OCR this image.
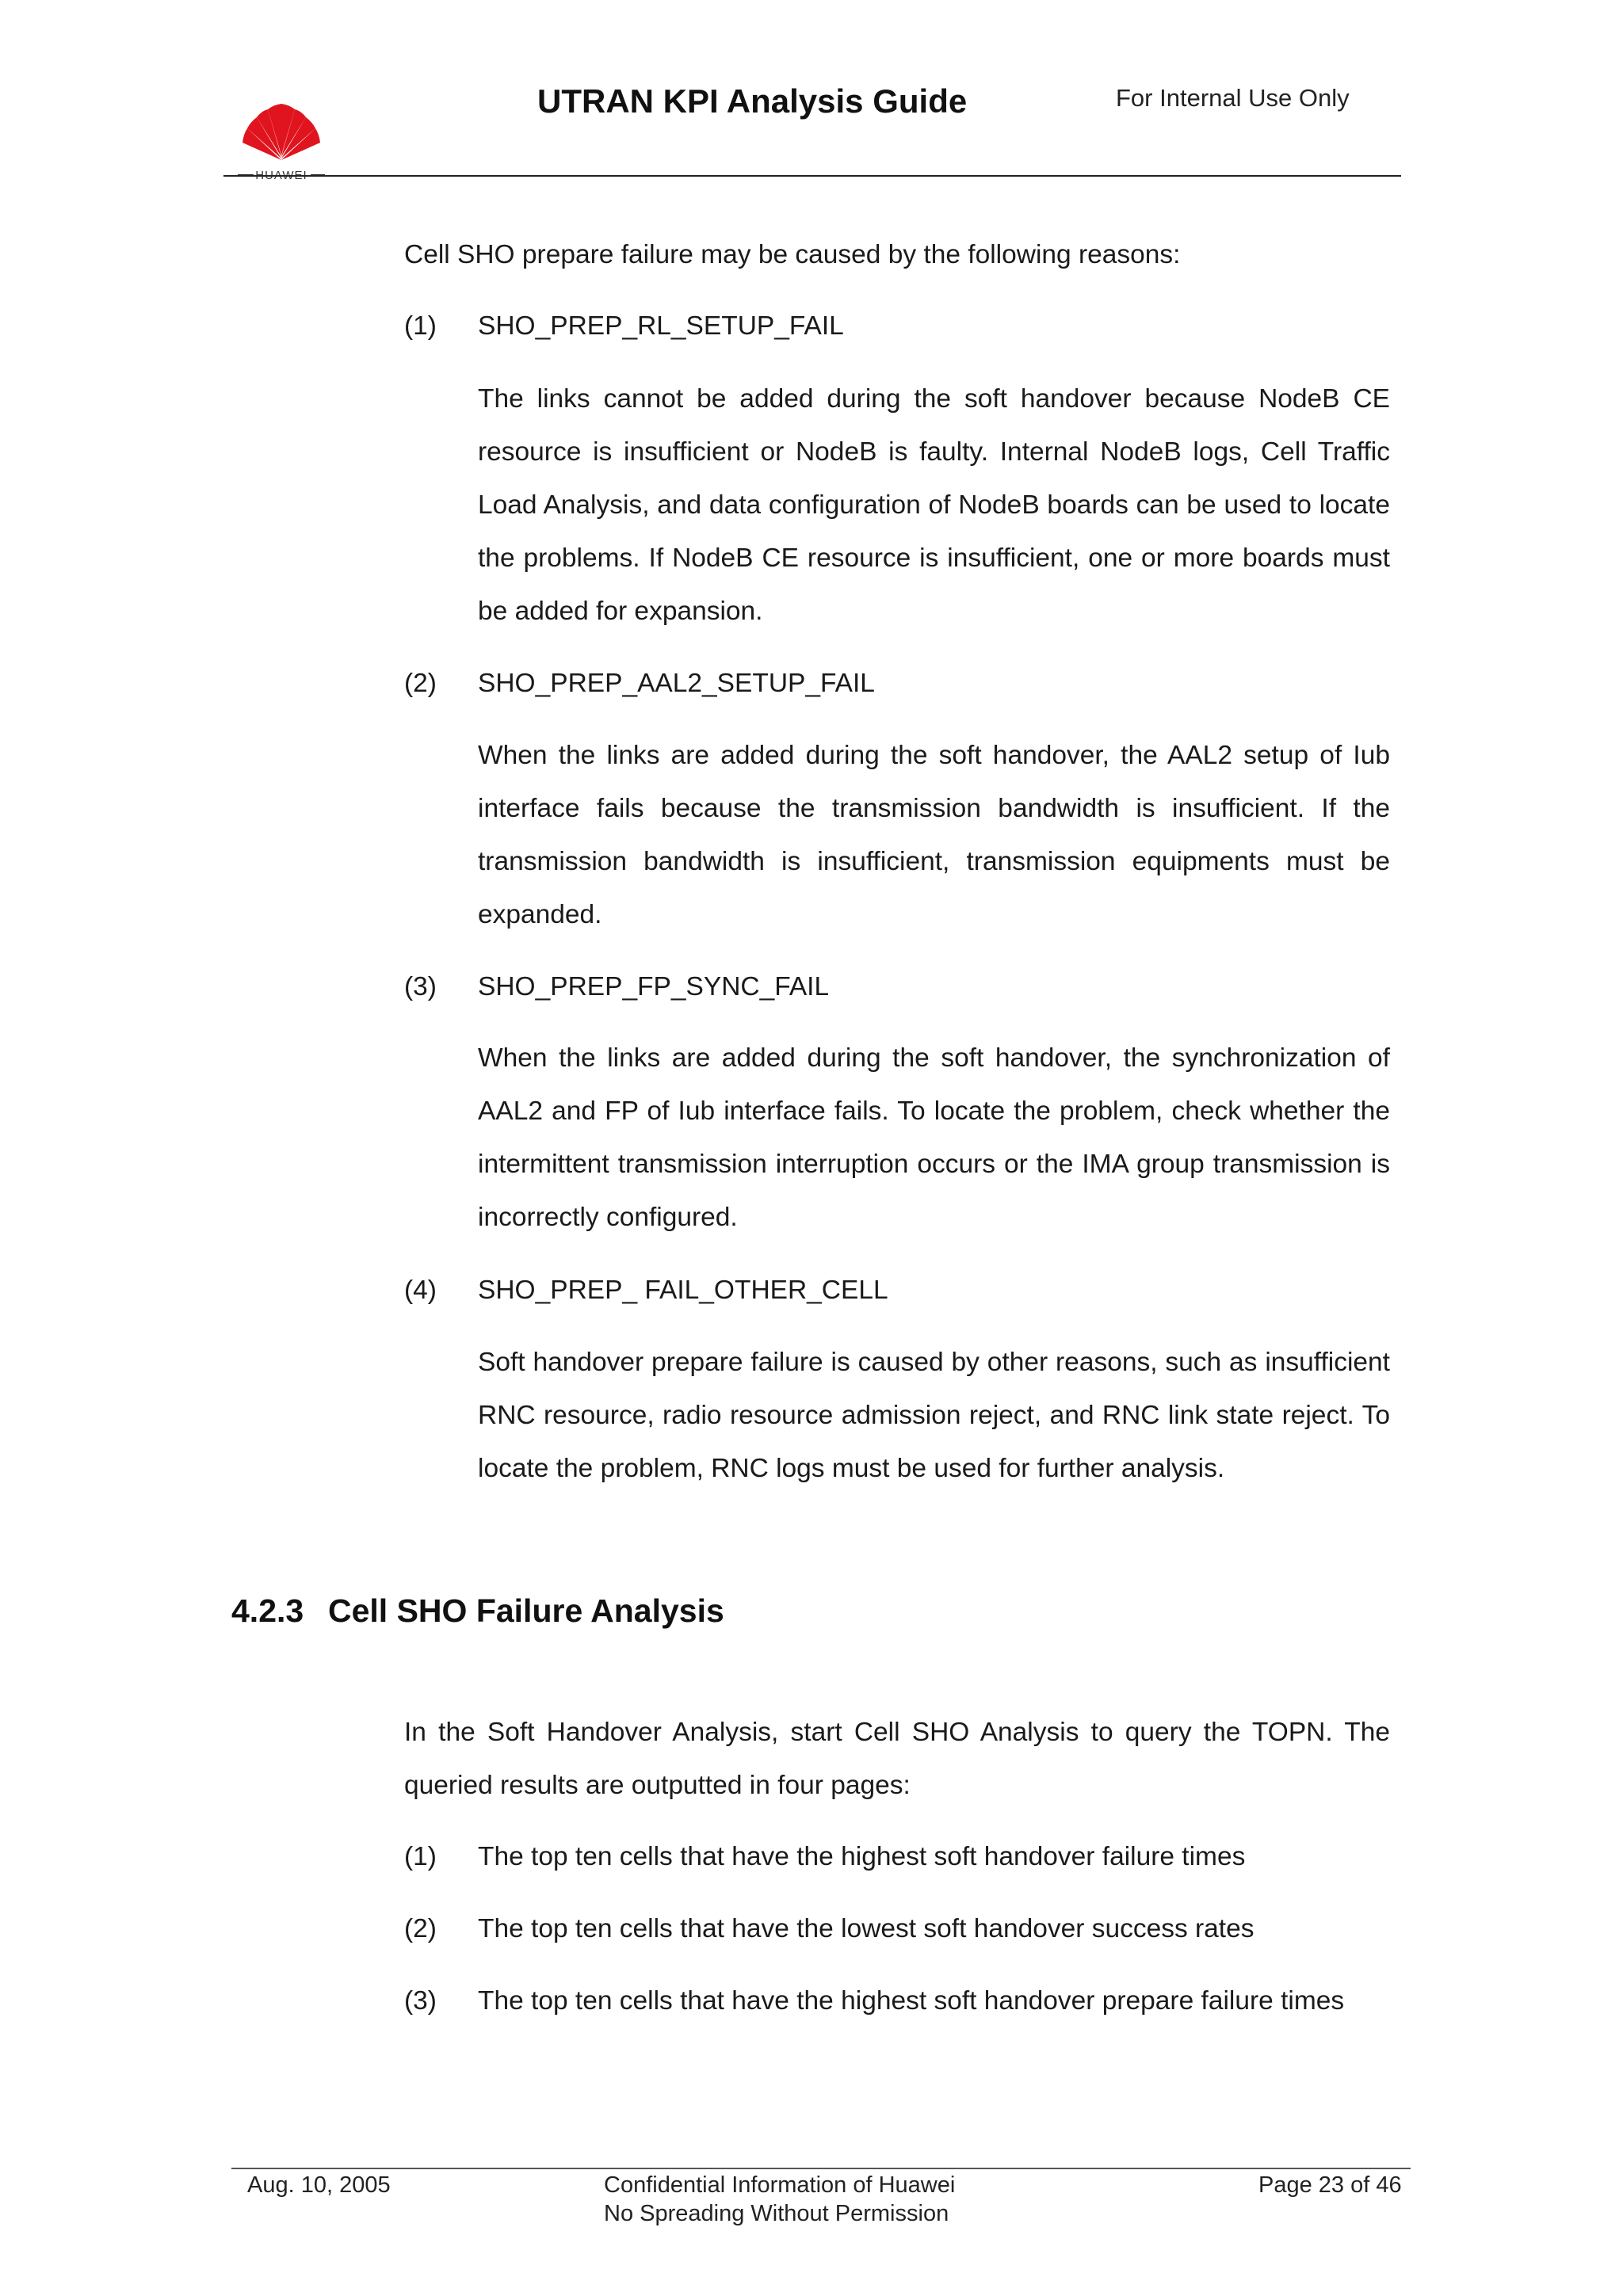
HUAWEI
UTRAN KPI Analysis Guide	For Internal Use Only
Cell SHO prepare failure may be caused by the following reasons:
(1) SHO_PREP_RL_SETUP_FAIL
The links cannot be added during the soft handover because NodeB CE resource is insufficient or NodeB is faulty. Internal NodeB logs, Cell Traffic Load Analysis, and data configuration of NodeB boards can be used to locate the problems. If NodeB CE resource is insufficient, one or more boards must be added for expansion.
(2) SHO_PREP_AAL2_SETUP_FAIL
When the links are added during the soft handover, the AAL2 setup of Iub interface fails because the transmission bandwidth is insufficient. If the transmission bandwidth is insufficient, transmission equipments must be expanded.
(3) SHO_PREP_FP_SYNC_FAIL
When the links are added during the soft handover, the synchronization of AAL2 and FP of Iub interface fails. To locate the problem, check whether the intermittent transmission interruption occurs or the IMA group transmission is incorrectly configured.
(4) SHO_PREP_ FAIL_OTHER_CELL
Soft handover prepare failure is caused by other reasons, such as insufficient RNC resource, radio resource admission reject, and RNC link state reject. To locate the problem, RNC logs must be used for further analysis.
4.2.3 Cell SHO Failure Analysis
In the Soft Handover Analysis, start Cell SHO Analysis to query the TOPN. The queried results are outputted in four pages:
(1) The top ten cells that have the highest soft handover failure times
(2) The top ten cells that have the lowest soft handover success rates
(3) The top ten cells that have the highest soft handover prepare failure times
Aug. 10, 2005	Confidential Information of Huawei
No Spreading Without Permission
Page 23 of 46
